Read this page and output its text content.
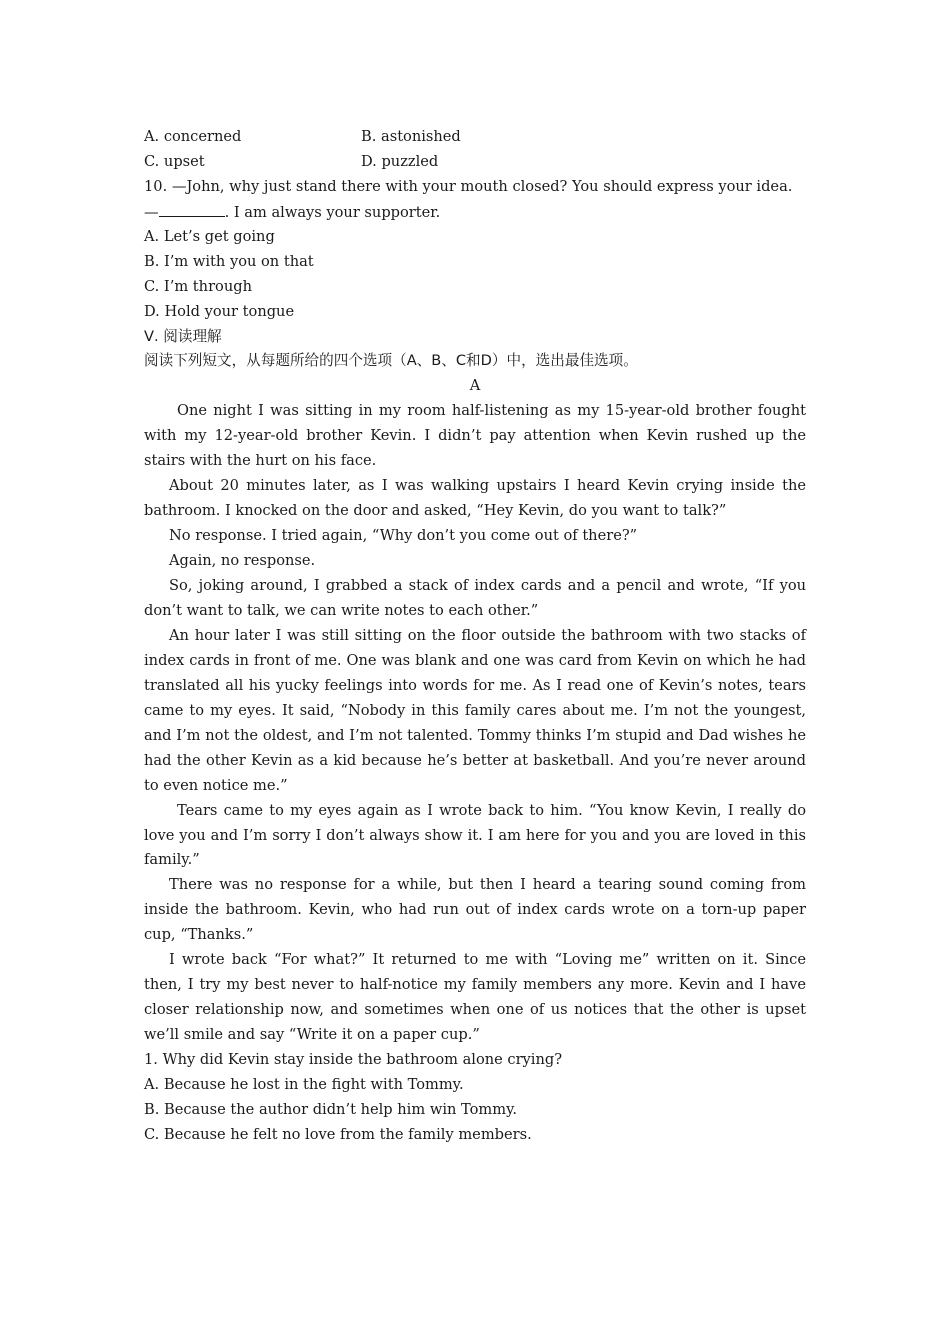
A. concerned	B. astonished
C. upset	D. puzzled
10. —John, why just stand there with your mouth closed? You should express your idea.
—	. I am always your supporter.
A. Let’s get going
B. I’m with you on that
C. I’m through
D. Hold your tongue
Ⅴ. 阅读理解
阅读下列短文，从每题所给的四个选项（A、B、C和D）中，选出最佳选项。
A
One night I was sitting in my room half-listening as my 15-year-old brother fought with my 12-year-old brother Kevin. I didn’t pay attention when Kevin rushed up the stairs with the hurt on his face.
About 20 minutes later, as I was walking upstairs I heard Kevin crying inside the bathroom. I knocked on the door and asked, “Hey Kevin, do you want to talk?”
No response. I tried again, “Why don’t you come out of there?”
Again, no response.
So, joking around, I grabbed a stack of index cards and a pencil and wrote, “If you don’t want to talk, we can write notes to each other.”
An hour later I was still sitting on the floor outside the bathroom with two stacks of index cards in front of me. One was blank and one was card from Kevin on which he had translated all his yucky feelings into words for me. As I read one of Kevin’s notes, tears came to my eyes. It said, “Nobody in this family cares about me. I’m not the youngest, and I’m not the oldest, and I’m not talented. Tommy thinks I’m stupid and Dad wishes he had the other Kevin as a kid because he’s better at basketball. And you’re never around to even notice me.”
Tears came to my eyes again as I wrote back to him. “You know Kevin, I really do love you and I’m sorry I don’t always show it. I am here for you and you are loved in this family.”
There was no response for a while, but then I heard a tearing sound coming from inside the bathroom. Kevin, who had run out of index cards wrote on a torn-up paper cup, “Thanks.”
I wrote back “For what?” It returned to me with “Loving me” written on it. Since then, I try my best never to half-notice my family members any more. Kevin and I have closer relationship now, and sometimes when one of us notices that the other is upset we’ll smile and say “Write it on a paper cup.”
1. Why did Kevin stay inside the bathroom alone crying?
A. Because he lost in the fight with Tommy.
B. Because the author didn’t help him win Tommy.
C. Because he felt no love from the family members.
